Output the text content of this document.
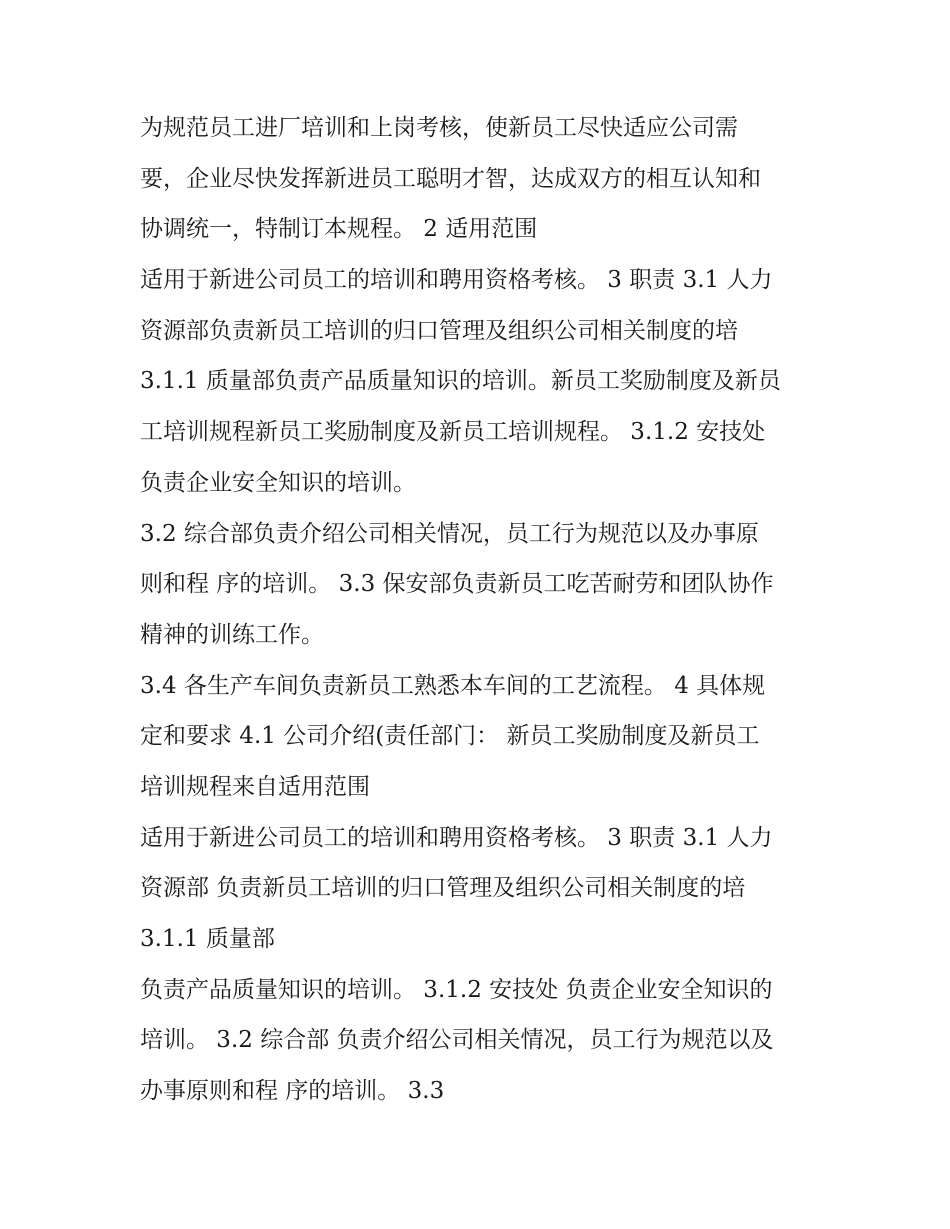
为规范员工进厂培训和上岗考核，使新员工尽快适应公司需
要，企业尽快发挥新进员工聪明才智，达成双方的相互认知和
协调统一，特制订本规程。 2 适用范围
适用于新进公司员工的培训和聘用资格考核。 3 职责 3.1 人力
资源部负责新员工培训的归口管理及组织公司相关制度的培
3.1.1 质量部负责产品质量知识的培训。新员工奖励制度及新员
工培训规程新员工奖励制度及新员工培训规程。 3.1.2 安技处
负责企业安全知识的培训。
3.2 综合部负责介绍公司相关情况，员工行为规范以及办事原
则和程 序的培训。 3.3 保安部负责新员工吃苦耐劳和团队协作
精神的训练工作。
3.4 各生产车间负责新员工熟悉本车间的工艺流程。 4 具体规
定和要求 4.1 公司介绍(责任部门： 新员工奖励制度及新员工
培训规程来自适用范围
适用于新进公司员工的培训和聘用资格考核。 3 职责 3.1 人力
资源部 负责新员工培训的归口管理及组织公司相关制度的培
3.1.1 质量部
负责产品质量知识的培训。 3.1.2 安技处 负责企业安全知识的
培训。 3.2 综合部 负责介绍公司相关情况，员工行为规范以及
办事原则和程 序的培训。 3.3
